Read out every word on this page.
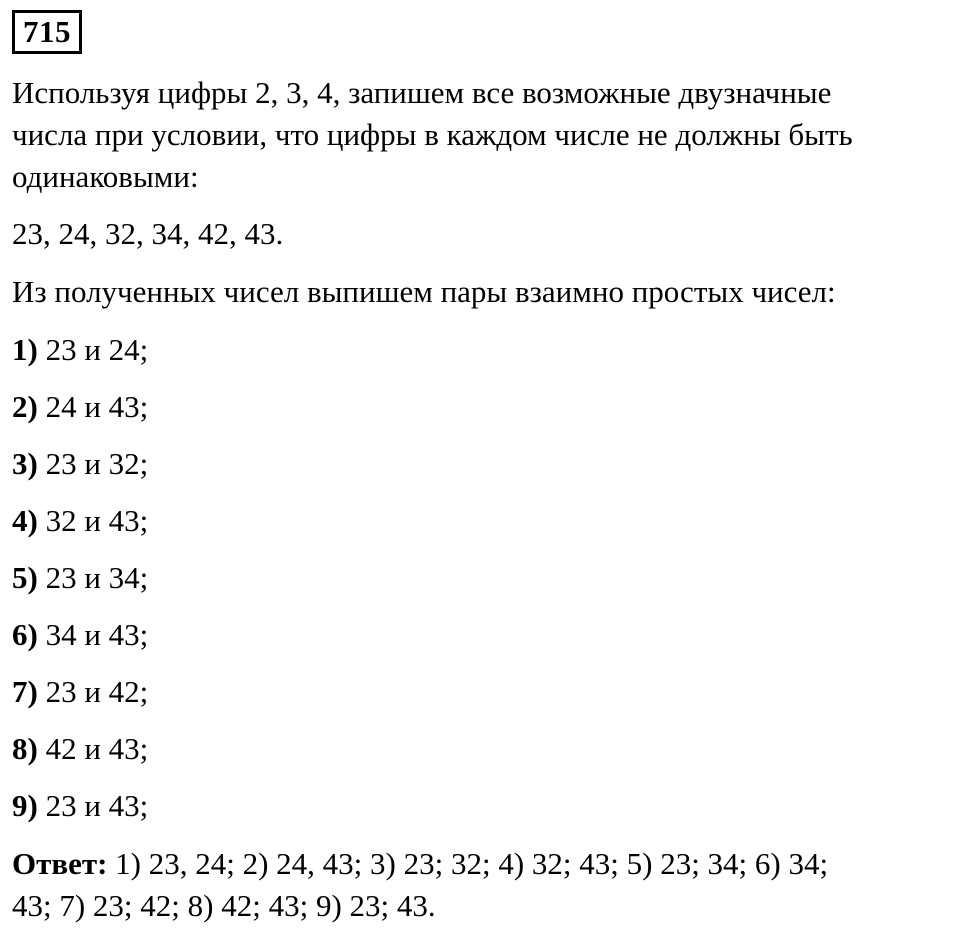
715
Используя цифры 2, 3, 4, запишем все возможные двузначные
числа при условии, что цифры в каждом числе не должны быть
одинаковыми:
23, 24, 32, 34, 42, 43.
Из полученных чисел выпишем пары взаимно простых чисел:
1) 23 и 24;
2) 24 и 43;
3) 23 и 32;
4) 32 и 43;
5) 23 и 34;
6) 34 и 43;
7) 23 и 42;
8) 42 и 43;
9) 23 и 43;
Ответ: 1) 23, 24; 2) 24, 43; 3) 23; 32; 4) 32; 43; 5) 23; 34; 6) 34;
43; 7) 23; 42; 8) 42; 43; 9) 23; 43.
